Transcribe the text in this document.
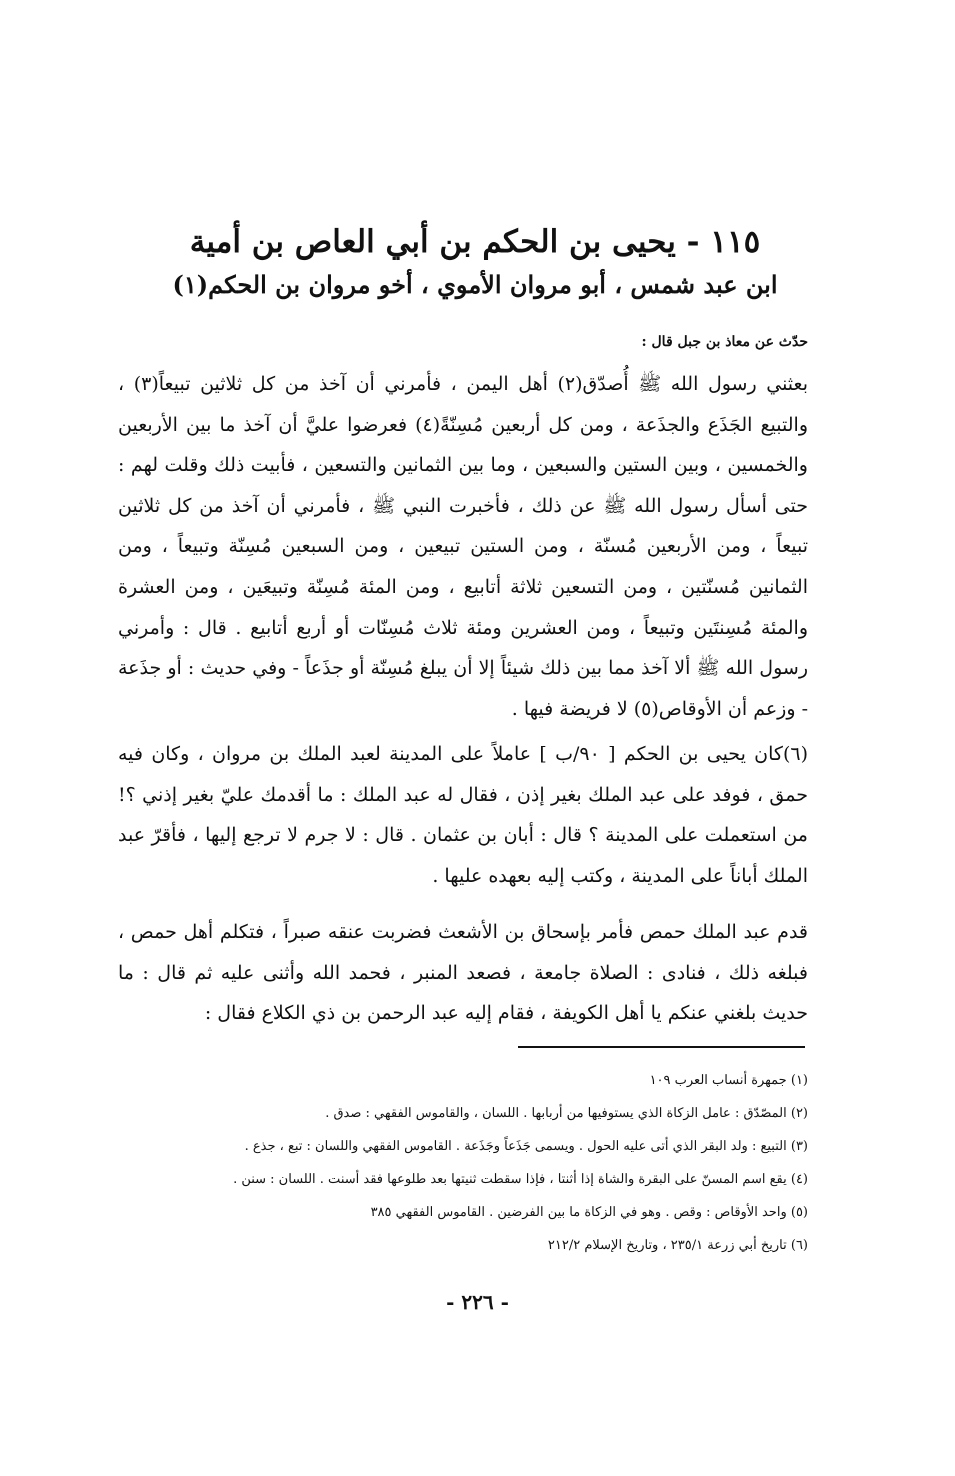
١١٥ - يحيى بن الحكم بن أبي العاص بن أمية
ابن عبد شمس ، أبو مروان الأموي ، أخو مروان بن الحكم(١)

حدّث عن معاذ بن جبل قال :

بعثني رسول الله ﷺ أُصدّق(٢) أهل اليمن ، فأمرني أن آخذ من كل ثلاثين تبيعاً(٣) ، والتبيع الجَذَع والجذَعة ، ومن كل أربعين مُسِنّةً(٤) فعرضوا عليَّ أن آخذ ما بين الأربعين والخمسين ، وبين الستين والسبعين ، وما بين الثمانين والتسعين ، فأبيت ذلك وقلت لهم : حتى أسأل رسول الله ﷺ عن ذلك ، فأخبرت النبي ﷺ ، فأمرني أن آخذ من كل ثلاثين تبيعاً ، ومن الأربعين مُسنّة ، ومن الستين تبيعين ، ومن السبعين مُسِنّة وتبيعاً ، ومن الثمانين مُسنّتين ، ومن التسعين ثلاثة أتابيع ، ومن المئة مُسِنّة وتبيعَين ، ومن العشرة والمئة مُسِنتَين وتبيعاً ، ومن العشرين ومئة ثلاث مُسِنّات أو أربع أتابيع . قال : وأمرني رسول الله ﷺ ألا آخذ مما بين ذلك شيئاً إلا أن يبلغ مُسِنّة أو جذَعاً - وفي حديث : أو جذَعة - وزعم أن الأوقاص(٥) لا فريضة فيها .

(٦)كان يحيى بن الحكم [ ٩٠/ب ] عاملاً على المدينة لعبد الملك بن مروان ، وكان فيه حمق ، فوفد على عبد الملك بغير إذن ، فقال له عبد الملك : ما أقدمك عليّ بغير إذني ؟! من استعملت على المدينة ؟ قال : أبان بن عثمان . قال : لا جرم لا ترجع إليها ، فأقرّ عبد الملك أباناً على المدينة ، وكتب إليه بعهده عليها .

قدم عبد الملك حمص فأمر بإسحاق بن الأشعث فضربت عنقه صبراً ، فتكلم أهل حمص ، فبلغه ذلك ، فنادى : الصلاة جامعة ، فصعد المنبر ، فحمد الله وأثنى عليه ثم قال : ما حديث بلغني عنكم يا أهل الكويفة ، فقام إليه عبد الرحمن بن ذي الكلاع فقال :

(١) جمهرة أنساب العرب ١٠٩
(٢) المصّدّق : عامل الزكاة الذي يستوفيها من أربابها . اللسان ، والقاموس الفقهي : صدق .
(٣) التبيع : ولد البقر الذي أتى عليه الحول . ويسمى جَذَعاً وجَذَعة . القاموس الفقهي واللسان : تبع ، جذع .
(٤) يقع اسم المسنّ على البقرة والشاة إذا أثنتا ، فإذا سقطت ثنيتها بعد طلوعها فقد أسنت . اللسان : سنن .
(٥) واحد الأوقاص : وقص . وهو في الزكاة ما بين الفرضين . القاموس الفقهي ٣٨٥
(٦) تاريخ أبي زرعة ٢٣٥/١ ، وتاريخ الإسلام ٢١٢/٢
- ٢٢٦ -
